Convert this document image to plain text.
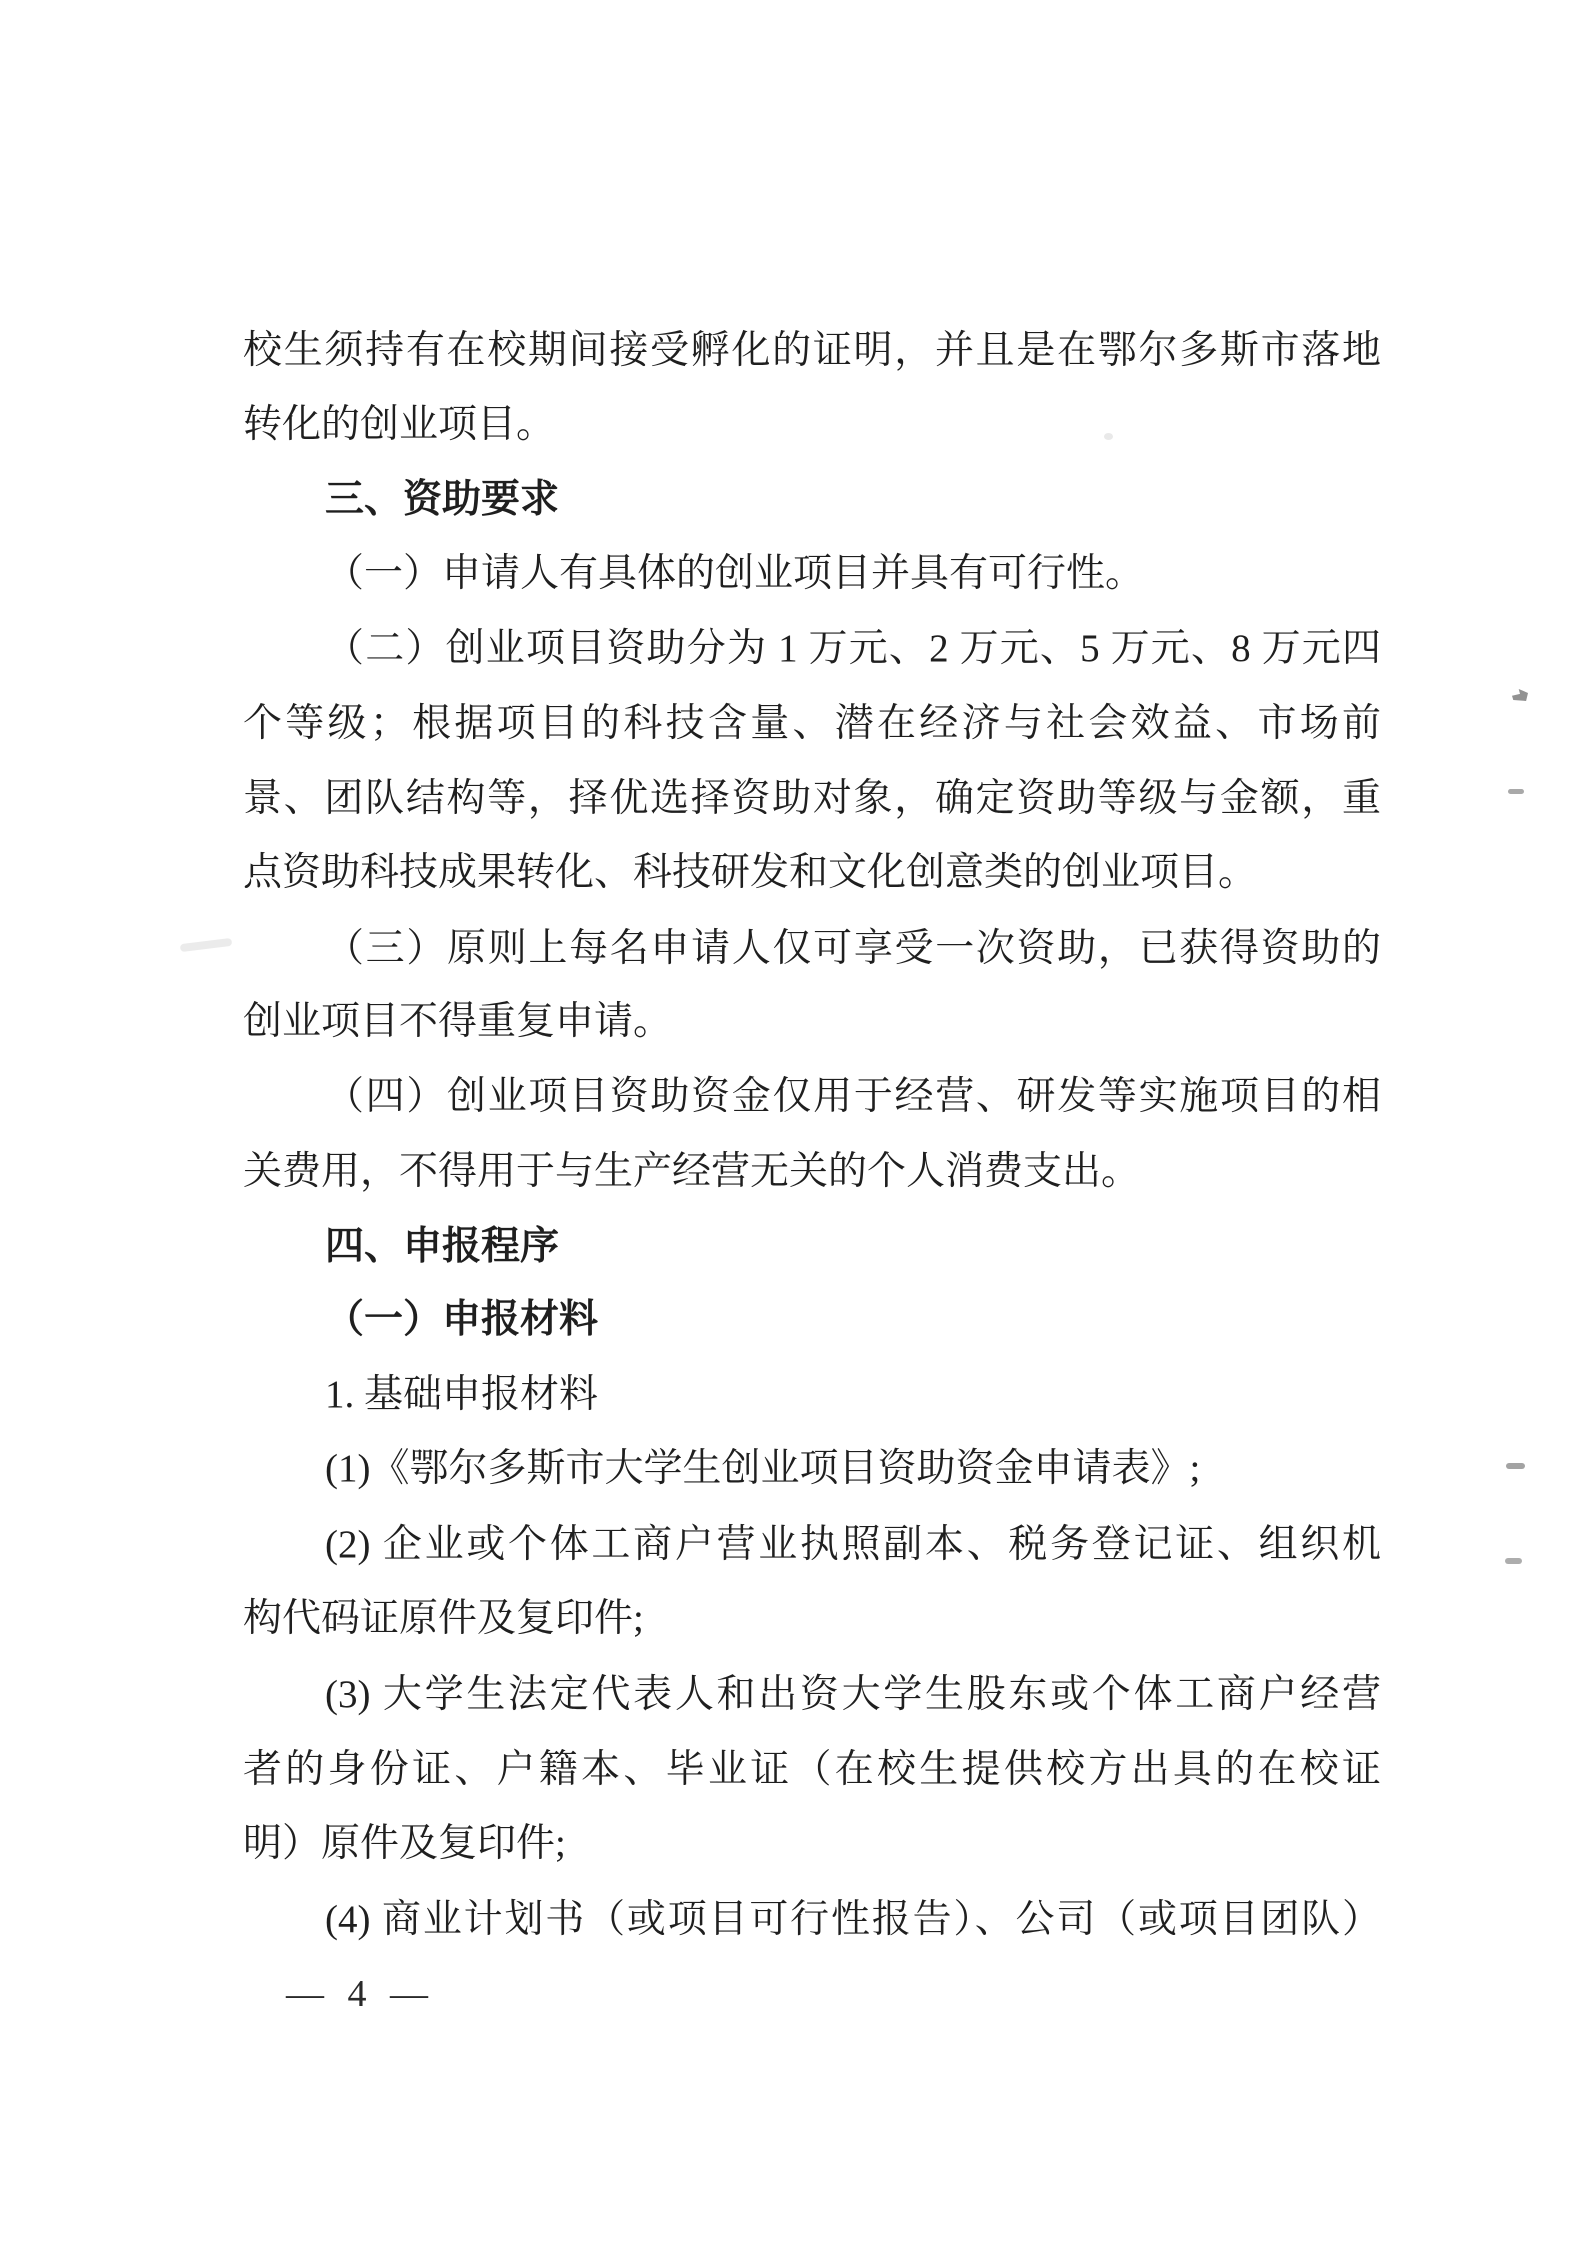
校生须持有在校期间接受孵化的证明，并且是在鄂尔多斯市落地
转化的创业项目。
三、资助要求
（一）申请人有具体的创业项目并具有可行性。
（二）创业项目资助分为 1 万元、2 万元、5 万元、8 万元四
个等级；根据项目的科技含量、潜在经济与社会效益、市场前
景、团队结构等，择优选择资助对象，确定资助等级与金额，重
点资助科技成果转化、科技研发和文化创意类的创业项目。
（三）原则上每名申请人仅可享受一次资助，已获得资助的
创业项目不得重复申请。
（四）创业项目资助资金仅用于经营、研发等实施项目的相
关费用，不得用于与生产经营无关的个人消费支出。
四、申报程序
（一）申报材料
1. 基础申报材料
(1)《鄂尔多斯市大学生创业项目资助资金申请表》;
(2) 企业或个体工商户营业执照副本、税务登记证、组织机
构代码证原件及复印件;
(3) 大学生法定代表人和出资大学生股东或个体工商户经营
者的身份证、户籍本、毕业证（在校生提供校方出具的在校证
明）原件及复印件;
(4) 商业计划书（或项目可行性报告）、公司（或项目团队）
— 4 —
